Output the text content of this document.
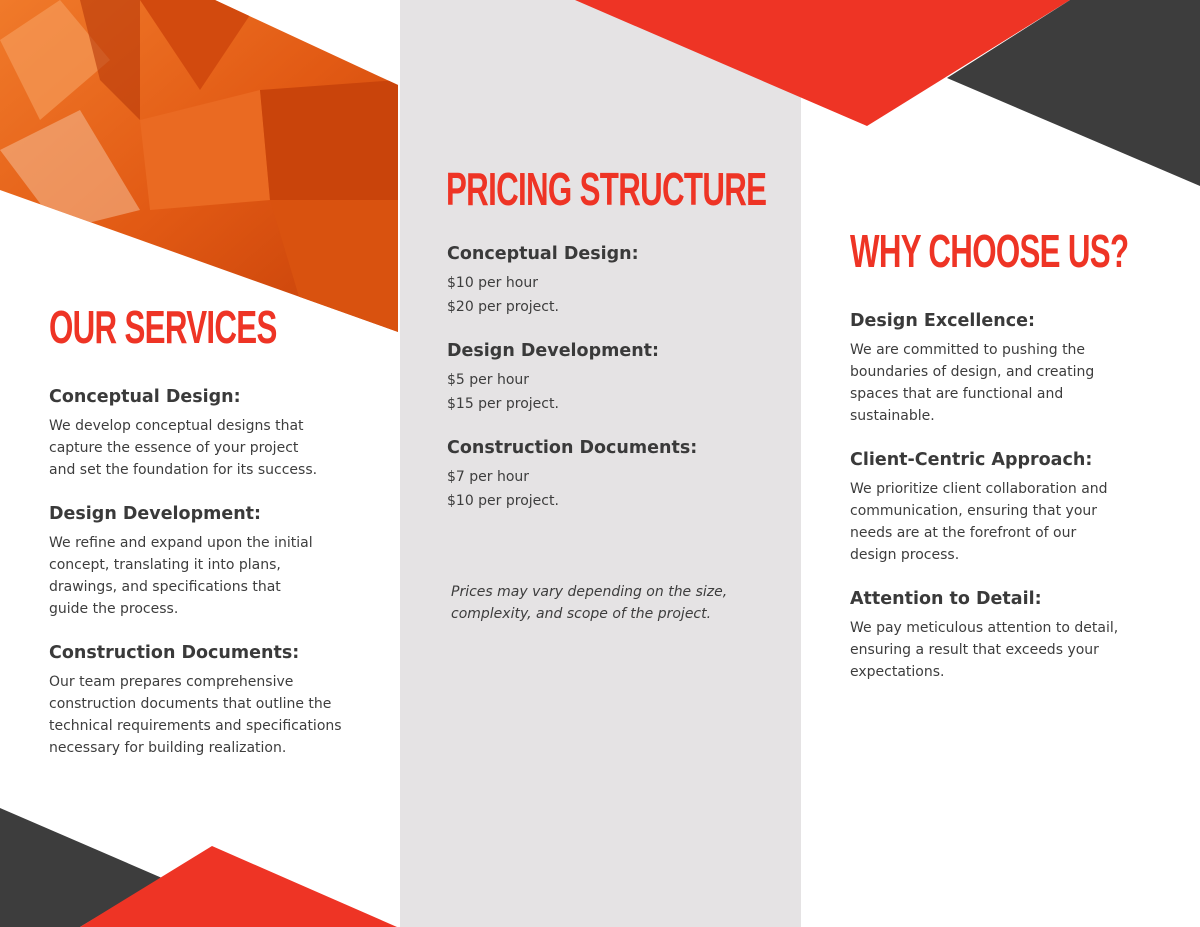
OUR SERVICES
Conceptual Design:
We develop conceptual designs that capture the essence of your project and set the foundation for its success.
Design Development:
We refine and expand upon the initial concept, translating it into plans, drawings, and specifications that guide the process.
Construction Documents:
Our team prepares comprehensive construction documents that outline the technical requirements and specifications necessary for building realization.
PRICING STRUCTURE
Conceptual Design:
$10 per hour
$20 per project.
Design Development:
$5 per hour
$15 per project.
Construction Documents:
$7 per hour
$10 per project.
Prices may vary depending on the size, complexity, and scope of the project.
WHY CHOOSE US?
Design Excellence:
We are committed to pushing the boundaries of design, and creating spaces that are functional and sustainable.
Client-Centric Approach:
We prioritize client collaboration and communication, ensuring that your needs are at the forefront of our design process.
Attention to Detail:
We pay meticulous attention to detail, ensuring a result that exceeds your expectations.
